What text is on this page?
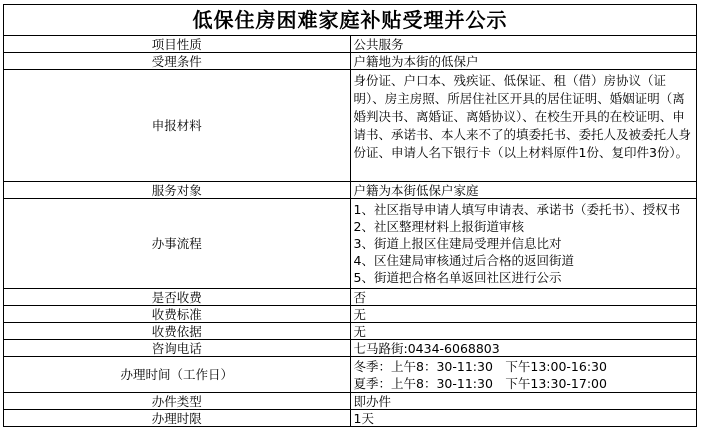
低保住房困难家庭补贴受理并公示	
项目性质	公共服务
受理条件	户籍地为本街的低保户
申报材料	身份证、户口本、残疾证、低保证、租（借）房协议（证明）、房主房照、所居住社区开具的居住证明、婚姻证明（离婚判决书、离婚证、离婚协议）、在校生开具的在校证明、申请书、承诺书、本人来不了的填委托书、委托人及被委托人身份证、申请人名下银行卡（以上材料原件1份、复印件3份）。
服务对象	户籍为本街低保户家庭
办事流程	1、社区指导申请人填写申请表、承诺书（委托书）、授权书
2、社区整理材料上报街道审核
3、街道上报区住建局受理并信息比对
4、区住建局审核通过后合格的返回街道
5、街道把合格名单返回社区进行公示

是否收费	否
收费标准	无
收费依据	无
咨询电话	七马路街:0434-6068803
办理时间（工作日）	冬季：上午8：30-11:30　下午13:00-16:30
夏季：上午8：30-11:30　下午13:30-17:00

办件类型	即办件
办理时限	1天
